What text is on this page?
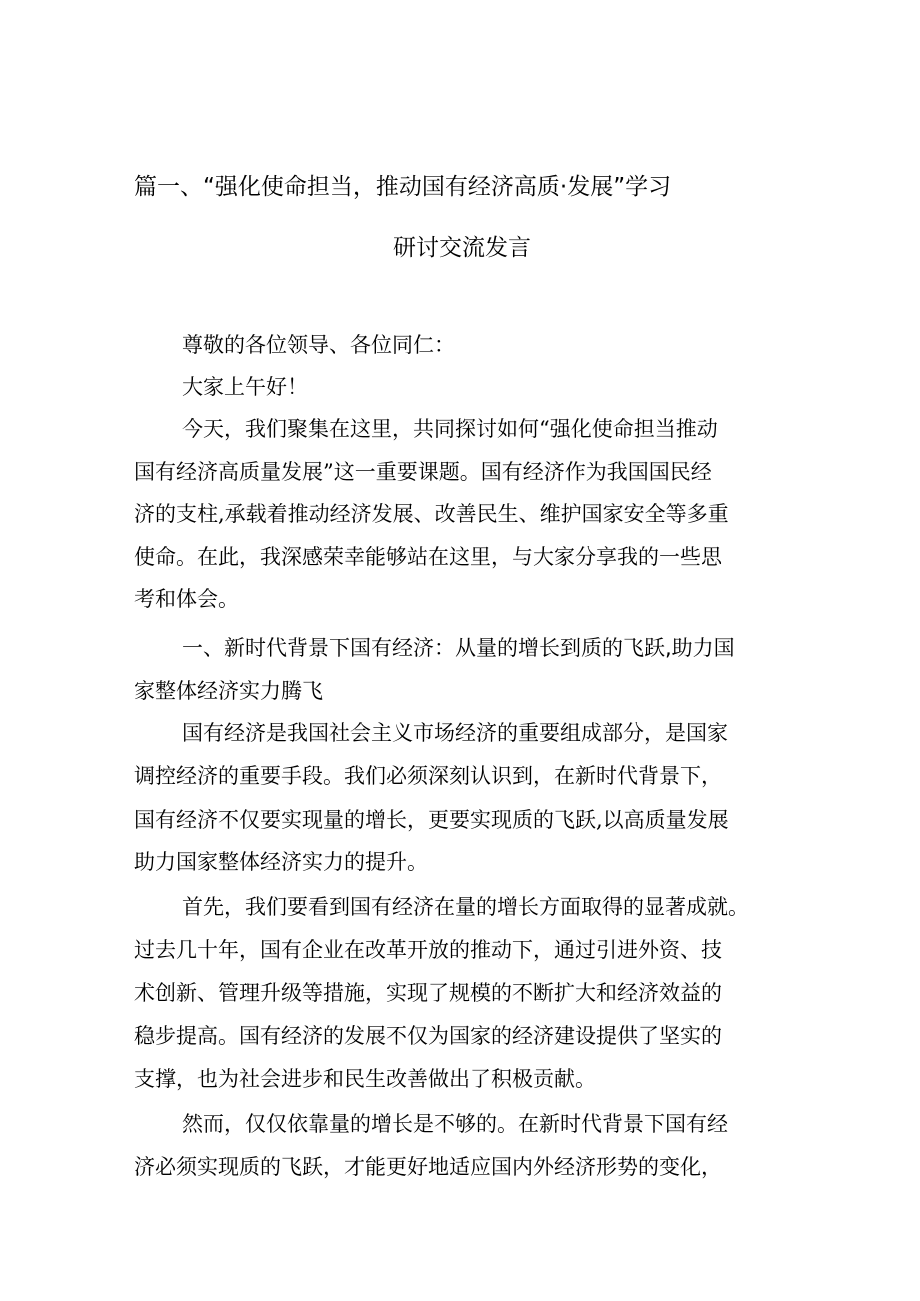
篇一、“强化使命担当，推动国有经济高质·发展”学习
研讨交流发言
尊敬的各位领导、各位同仁：
大家上午好！
今天，我们聚集在这里，共同探讨如何“强化使命担当推动
国有经济高质量发展”这一重要课题。国有经济作为我国国民经
济的支柱,承载着推动经济发展、改善民生、维护国家安全等多重
使命。在此，我深感荣幸能够站在这里，与大家分享我的一些思
考和体会。
一、新时代背景下国有经济：从量的增长到质的飞跃,助力国
家整体经济实力腾飞
国有经济是我国社会主义市场经济的重要组成部分，是国家
调控经济的重要手段。我们必须深刻认识到，在新时代背景下，
国有经济不仅要实现量的增长，更要实现质的飞跃,以高质量发展
助力国家整体经济实力的提升。
首先，我们要看到国有经济在量的增长方面取得的显著成就。
过去几十年，国有企业在改革开放的推动下，通过引进外资、技
术创新、管理升级等措施，实现了规模的不断扩大和经济效益的
稳步提高。国有经济的发展不仅为国家的经济建设提供了坚实的
支撑，也为社会进步和民生改善做出了积极贡献。
然而，仅仅依靠量的增长是不够的。在新时代背景下国有经
济必须实现质的飞跃，才能更好地适应国内外经济形势的变化，
